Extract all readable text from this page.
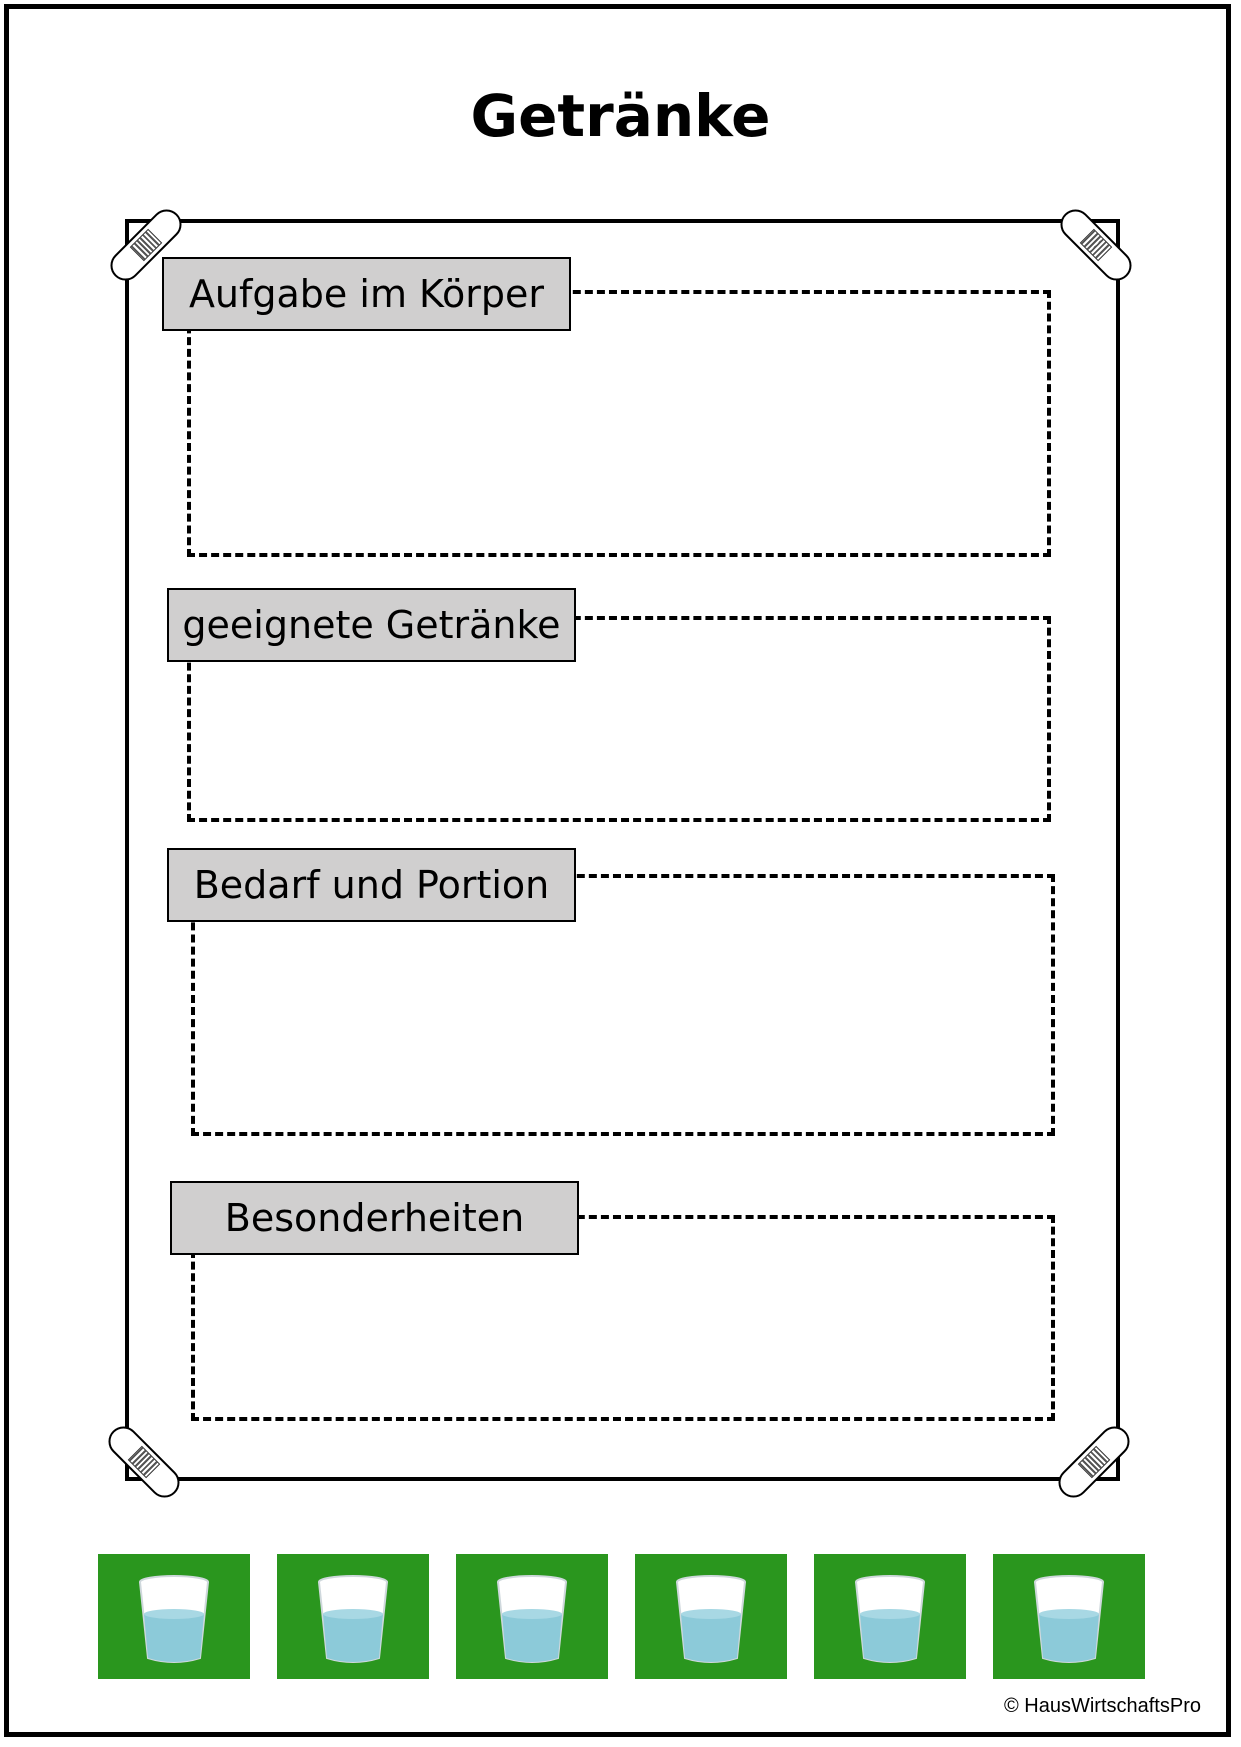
Getränke
Aufgabe im Körper
geeignete Getränke
Bedarf und Portion
Besonderheiten
© HausWirtschaftsPro
